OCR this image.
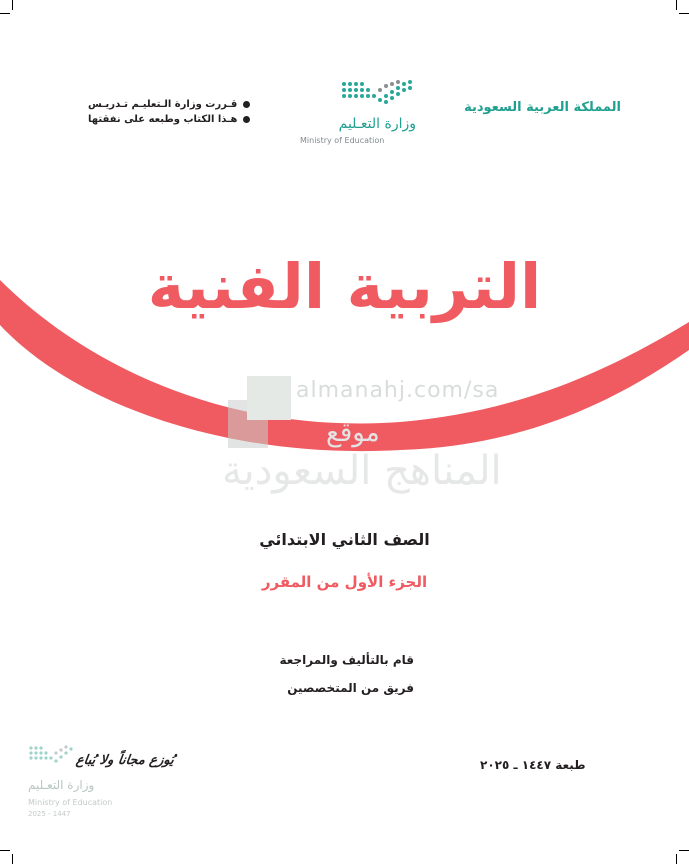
المملكة العربية السعودية
وزارة التعـليم
Ministry of Education
قـررت وزارة الـتعليـم تـدريـس
هـذا الكتاب وطبعه على نفقتها
almanahj.com/sa
موقع
المناهج السعودية
التربية الفنية
الصف الثاني الابتدائي
الجزء الأول من المقرر
قام بالتأليف والمراجعة
فريق من المتخصصين
طبعة ١٤٤٧ ـ ٢٠٢٥
يُوزع مجاناً ولا يُباع
وزارة التعـليم
Ministry of Education
2025 - 1447
